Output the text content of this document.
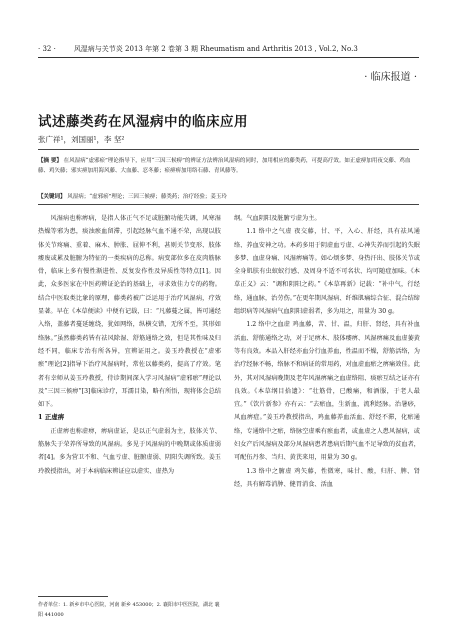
· 32 ·	风湿病与关节炎 2013 年第 2 卷第 3 期 Rheumatism and Arthritis 2013 , Vol.2, No.3
· 临床报道 ·
试述藤类药在风湿病中的临床应用
张广祥¹，刘国丽¹，李 坚²
【摘 要】 在风湿病“虚邪瘀”理论指导下，应用“三因三候痹”的辨证方法辨治风湿病的同时，加用相应的藤类药，可提高疗效。如正虚痹加用夜交藤、鸡血藤、鸡矢藤；邪实痹加用海风藤、大血藤、忍冬藤；瘀痹痹加用络石藤、青风藤等。
【关键词】 风湿病；“虚邪瘀”理论；三因三候痹；藤类药；治疗经验；姜玉玲

风湿病也称痹病，是指人体正气不足或脏腑功能失调，风寒湿热燥等邪为患，痰浊瘀血留滞，引起经脉气血不通不荣，出现以肢体关节疼痛、重着、麻木、肿胀、屈伸不利，甚则关节变形、肢体痿废或累及脏腑为特征的一类疾病的总称。病变部位多在皮肉筋脉骨，临床上多有慢性渐进性、反复发作性及异质性等特点[1]。因此，众多医家在中医药辨证论治的基础上，寻求效佳力专的药物。结合中医取类比象的原理，藤类药被广泛运用于治疗风湿病，疗效显著。早在《本草便读》中便有记载，曰：“凡藤蔓之属，皆可通经入络，盖藤者蔓延缠绕，犹如网络，纵横交错，无所不至，其形如络脉。”虽然藤类药皆有祛风除湿、舒筋通络之效，但是其性味及归经不同，临床专治有所各异，宜辨证用之。姜玉玲教授在“虚邪瘀”理论[2]指导下治疗风湿病时，常佐以藤类药，提高了疗效。笔者有幸师从姜玉玲教授，侍诊期间深入学习风湿病“虚邪瘀”理论以及“三因三候痹”[3]临床诊疗，耳濡目染，略有所悟，现将体会总结如下。

1 正虚痹

正虚痹也称虚痹，痹病虚证，是以正气虚弱为主，肢体关节、筋脉失于荣养所导致的风湿病。多见于风湿病的中晚期或体质虚弱者[4]。多为营卫不和、气血亏虚、脏腑虚弱、阴阳失调所致。姜玉玲教授指出，对于本病临床辨证应以虚实、虚热为

纲。气血阴阳及脏腑亏虚为主。

1.1 络中之气虚 夜交藤，甘、平，入心、肝经，具有祛风通络、养血安神之功。本药多用于阴虚血亏虚、心神失养而引起的失眠多梦、血虚身痛、风湿痹痛等。如心烦多梦、身热汗出、肢体关节或全身肌肤有虫蚁蚁行感、及周身不适不可名状、均可随症加味。《本草正义》云：“调和阴阳之药。”《本草再新》记载：“补中气，行经络，通血脉，治劳伤。”在更年期风湿病、纤维肌痛综合征、混合结缔组织病等风湿病气血阴阳虚弱者，多为用之，用量为 30 g。

1.2 络中之血虚 鸡血藤，苦、甘、温，归肝、肾经，具有补血活血、舒筋通络之功，对于足痹木、肢体痿痹、风湿痹痛及血虚萎黄等有良效。本品入肝经亦血分行血养血，性温而不燥，舒筋活络，为治疗经脉不畅，络脉不和病证的常用药，对血虚血瘀之痹痛效佳。此外，其对风湿病晚期及老年风湿痹痛之血虚络阻、痰瘀互结之证亦有良效。《本草纲目拾遗》：“壮筋骨，已酸痛，和酒服，于老人最宜。”《饮片新参》亦有云：“去瘀血，生新血，流利经脉。治暑痧，风血痹症。”姜玉玲教授指出，鸡血藤养血活血、舒经不滞，化瘀通络，专通络中之瘀，络脉空虚乘有瘀血者，或血虚之人患风湿病，或妇女产后风湿病及部分风湿病患者患病后期气血不足导致的贫血者，可配伍丹参、当归、黄芪来用，用量为 30 g。

1.3 络中之腑虚 鸡矢藤，性微寒，味甘、酸，归肝、脾、肾经，具有解毒消肿、健胃消食、活血

作者单位：1. 新乡市中心医院，河南 新乡 453000；2. 襄阳市中医医院，湖北 襄阳 441000
